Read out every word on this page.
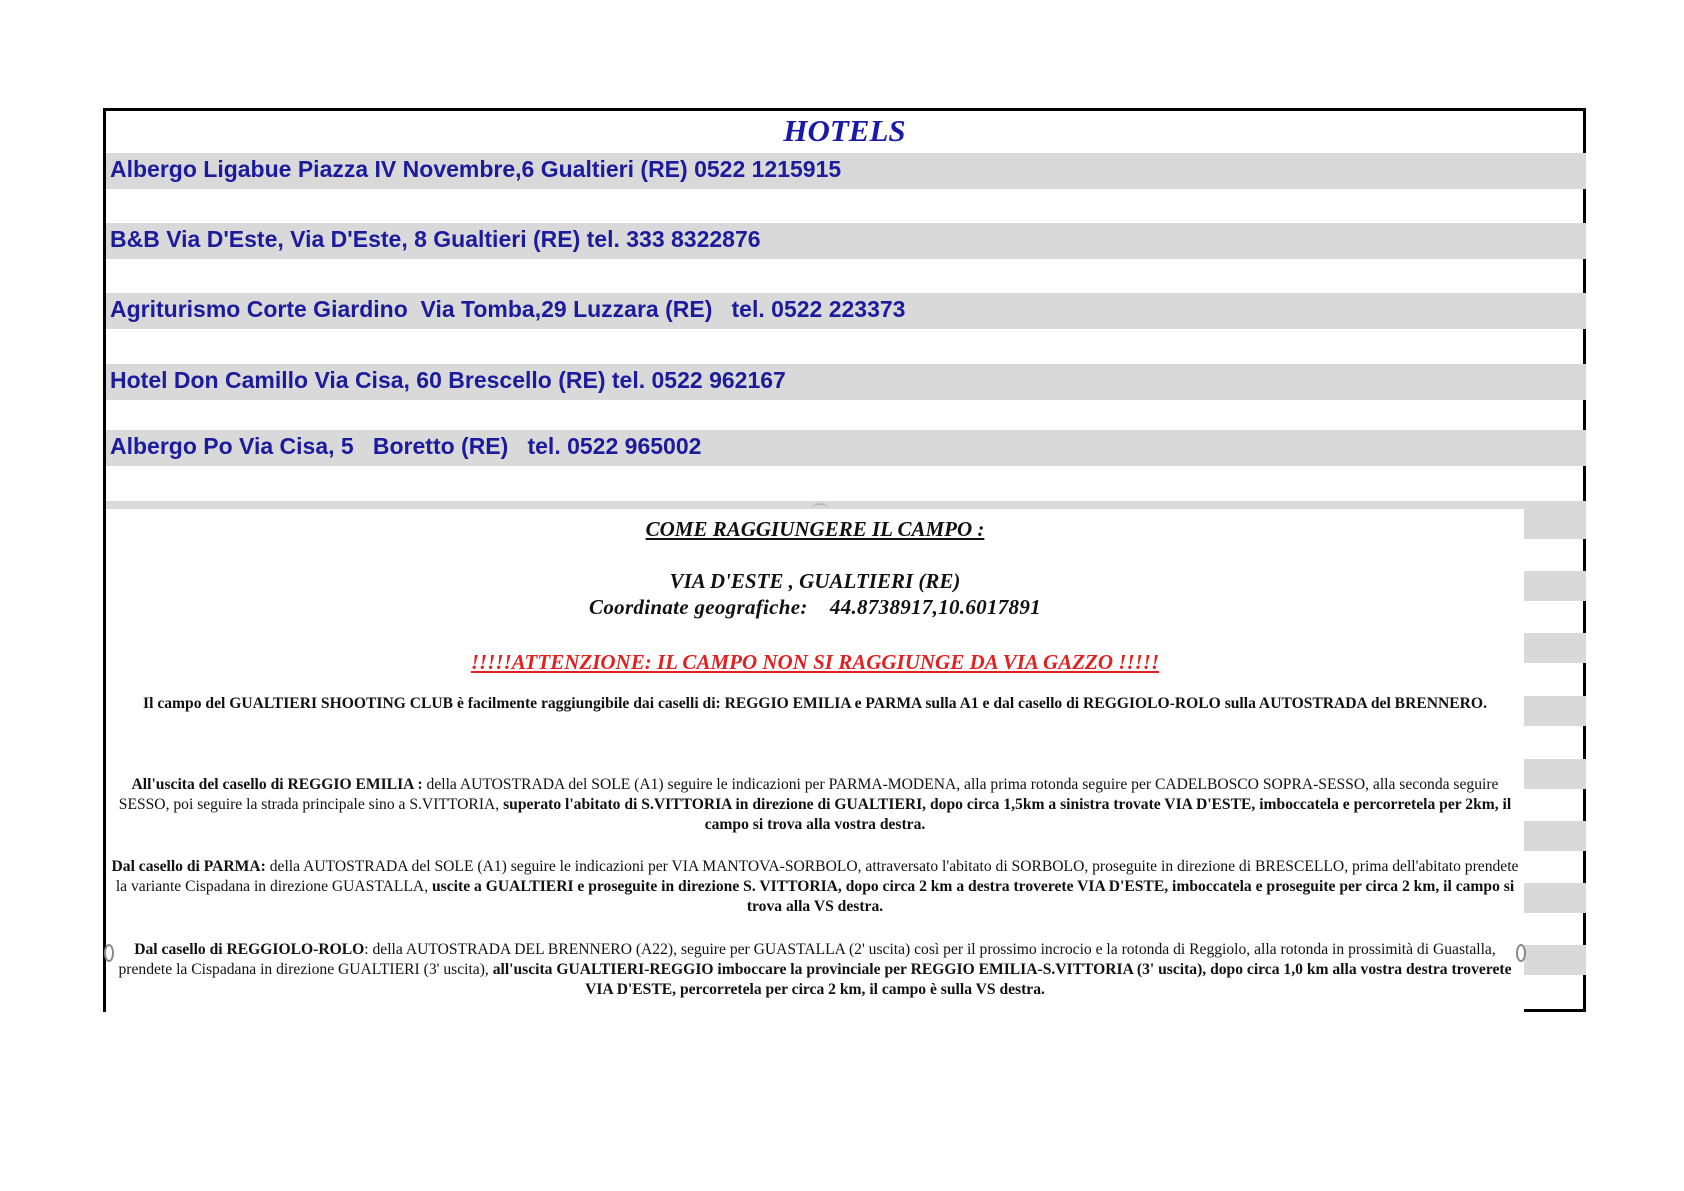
HOTELS
Albergo Ligabue Piazza IV Novembre,6 Gualtieri (RE) 0522 1215915
B&B Via D'Este, Via D'Este, 8 Gualtieri (RE) tel. 333 8322876
Agriturismo Corte Giardino  Via Tomba,29 Luzzara (RE)   tel. 0522 223373
Hotel Don Camillo Via Cisa, 60 Brescello (RE) tel. 0522 962167
Albergo Po Via Cisa, 5   Boretto (RE)   tel. 0522 965002
COME RAGGIUNGERE IL CAMPO :
VIA D'ESTE , GUALTIERI (RE)
Coordinate geografiche: 44.8738917,10.6017891
!!!!!ATTENZIONE: IL CAMPO NON SI RAGGIUNGE DA VIA GAZZO !!!!!
Il campo del GUALTIERI SHOOTING CLUB è facilmente raggiungibile dai caselli di: REGGIO EMILIA e PARMA sulla A1 e dal casello di REGGIOLO-ROLO sulla AUTOSTRADA del BRENNERO.
All'uscita del casello di REGGIO EMILIA : della AUTOSTRADA del SOLE (A1) seguire le indicazioni per PARMA-MODENA, alla prima rotonda seguire per CADELBOSCO SOPRA-SESSO, alla seconda seguire SESSO, poi seguire la strada principale sino a S.VITTORIA, superato l'abitato di S.VITTORIA in direzione di GUALTIERI, dopo circa 1,5km a sinistra trovate VIA D'ESTE, imboccatela e percorretela per 2km, il campo si trova alla vostra destra.
Dal casello di PARMA: della AUTOSTRADA del SOLE (A1) seguire le indicazioni per VIA MANTOVA-SORBOLO, attraversato l'abitato di SORBOLO, proseguite in direzione di BRESCELLO, prima dell'abitato prendete la variante Cispadana in direzione GUASTALLA, uscite a GUALTIERI e proseguite in direzione S. VITTORIA, dopo circa 2 km a destra troverete VIA D'ESTE, imboccatela e proseguite per circa 2 km, il campo si trova alla VS destra.
Dal casello di REGGIOLO-ROLO: della AUTOSTRADA DEL BRENNERO (A22), seguire per GUASTALLA (2' uscita) così per il prossimo incrocio e la rotonda di Reggiolo, alla rotonda in prossimità di Guastalla, prendete la Cispadana in direzione GUALTIERI (3' uscita), all'uscita GUALTIERI-REGGIO imboccare la provinciale per REGGIO EMILIA-S.VITTORIA (3' uscita), dopo circa 1,0 km alla vostra destra troverete VIA D'ESTE, percorretela per circa 2 km, il campo è sulla VS destra.
